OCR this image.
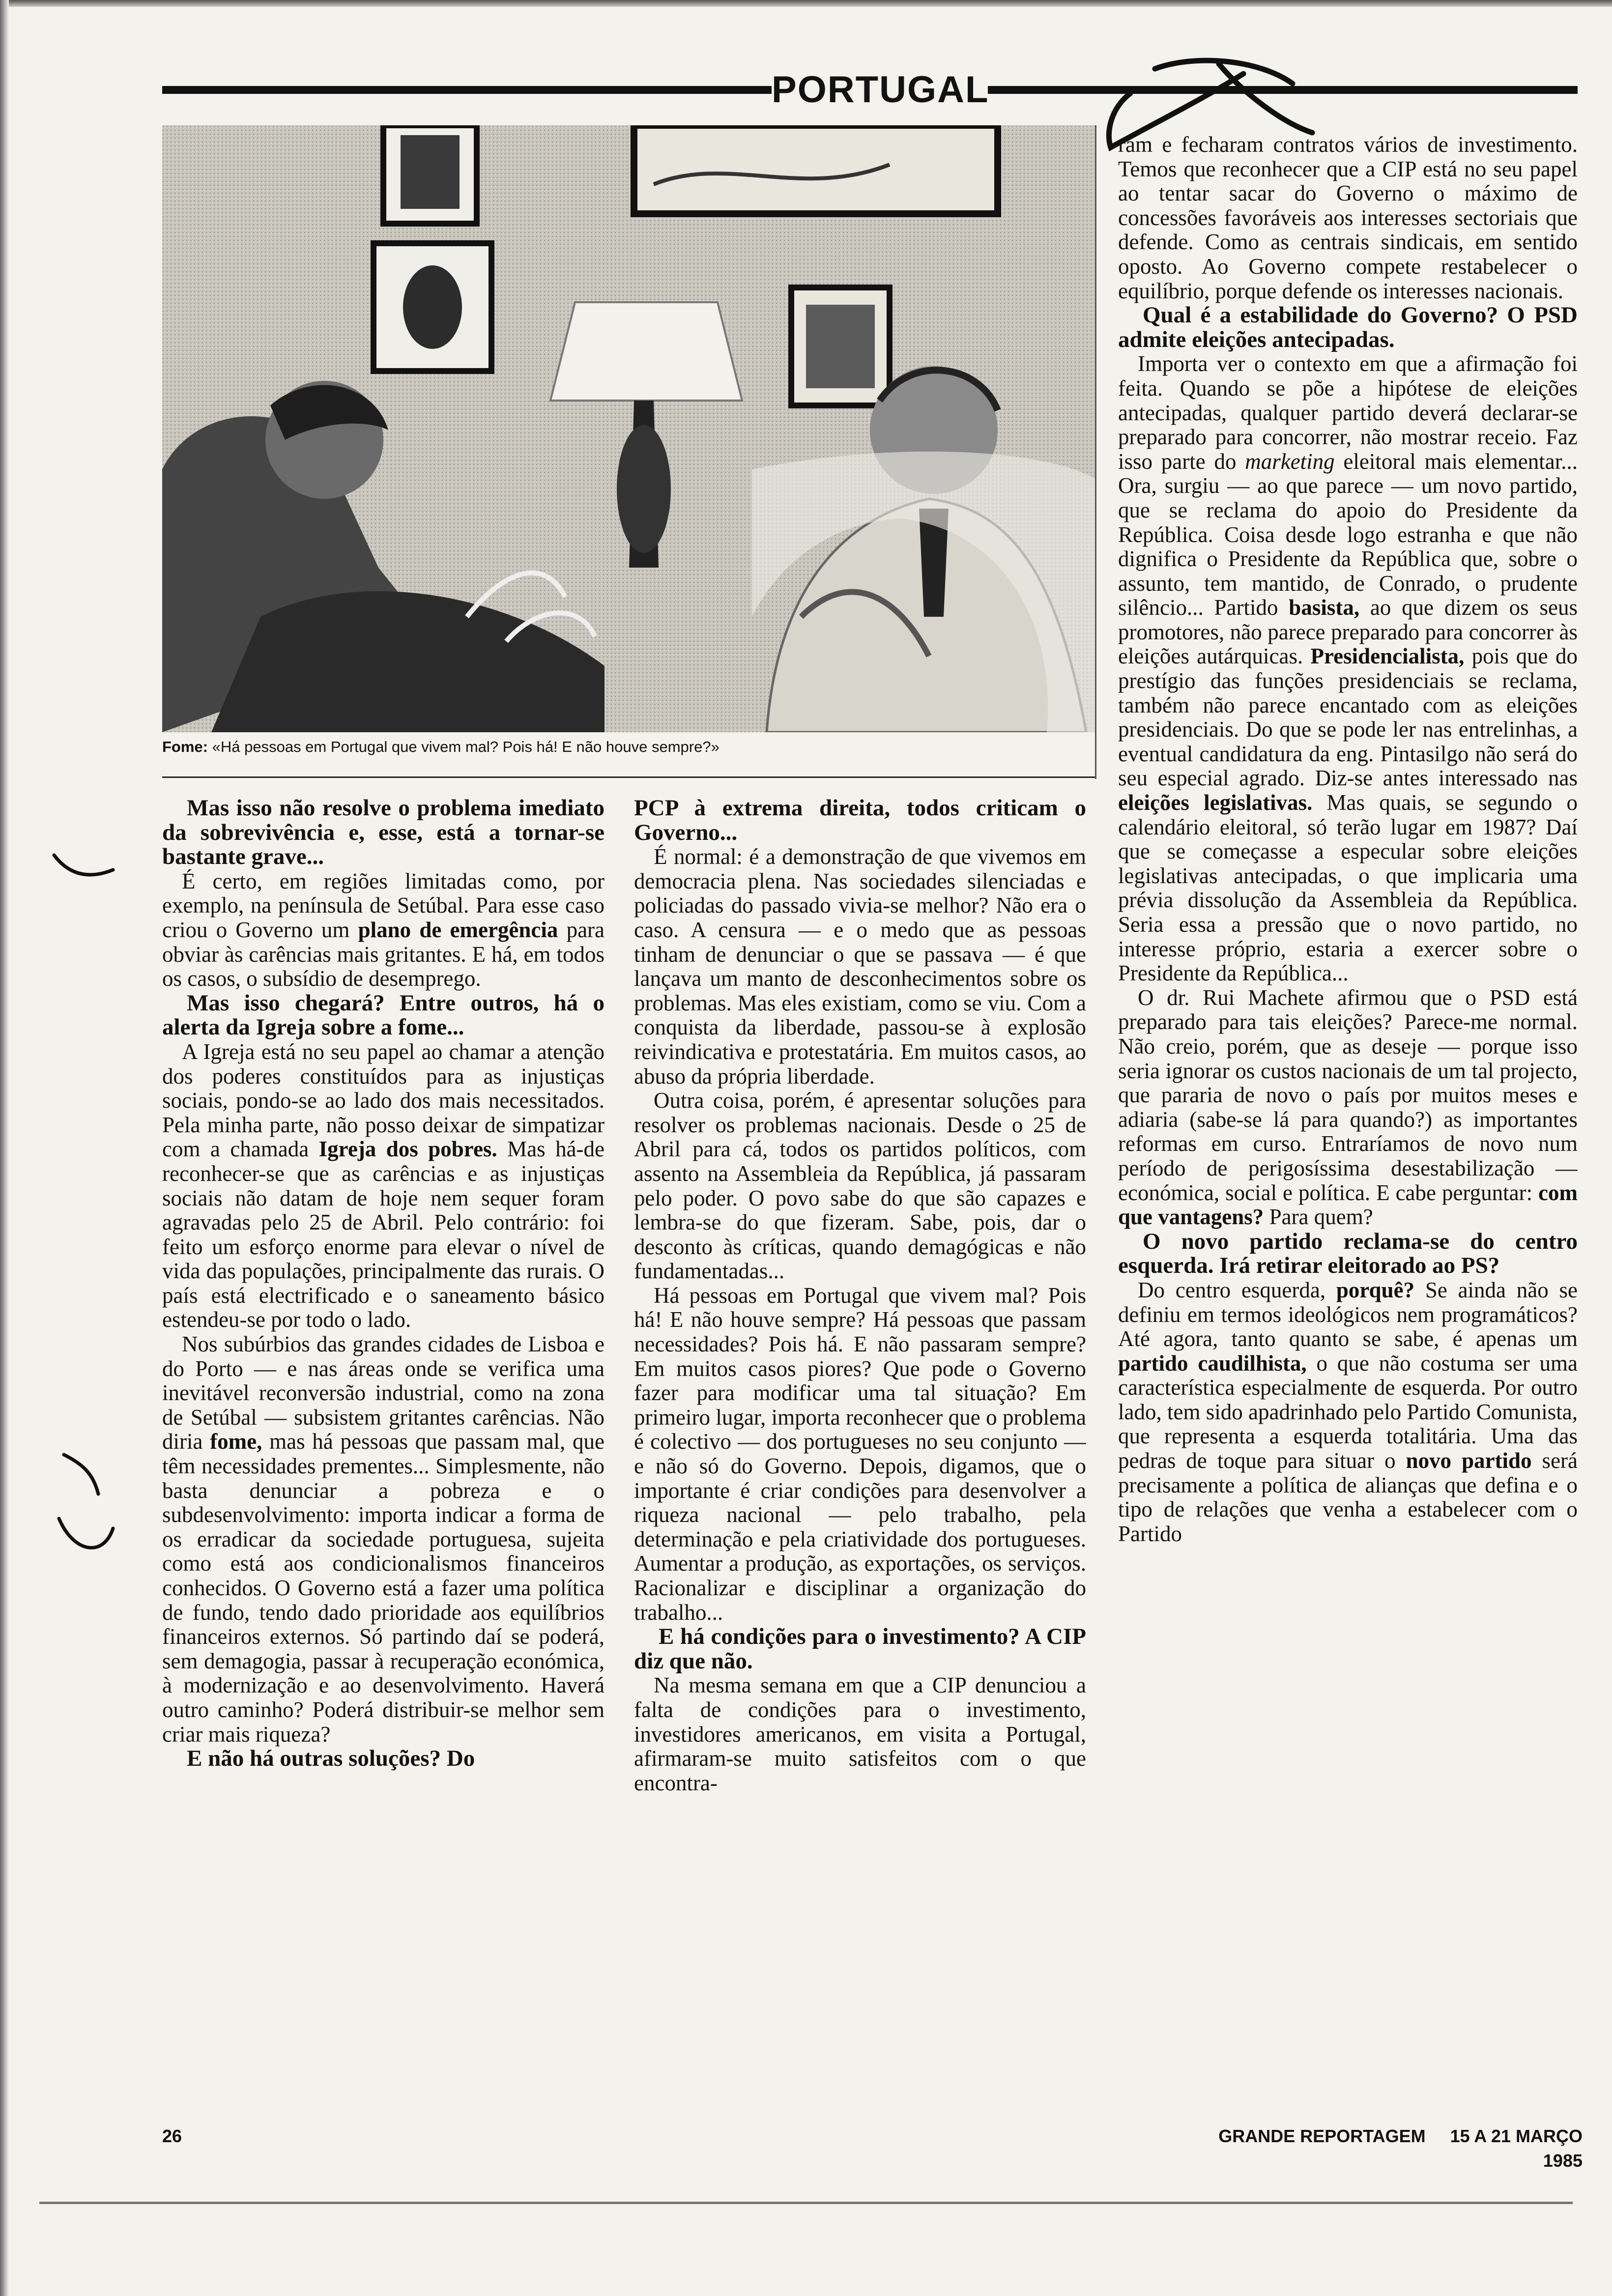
PORTUGAL
Fome: «Há pessoas em Portugal que vivem mal? Pois há! E não houve sempre?»

Mas isso não resolve o problema imediato da sobrevivência e, esse, está a tornar-se bastante grave...

É certo, em regiões limitadas como, por exemplo, na península de Setúbal. Para esse caso criou o Governo um plano de emergência para obviar às carências mais gritantes. E há, em todos os casos, o subsídio de desemprego.

Mas isso chegará? Entre outros, há o alerta da Igreja sobre a fome...

A Igreja está no seu papel ao chamar a atenção dos poderes constituídos para as injustiças sociais, pondo-se ao lado dos mais necessitados. Pela minha parte, não posso deixar de simpatizar com a chamada Igreja dos pobres. Mas há-de reconhecer-se que as carências e as injustiças sociais não datam de hoje nem sequer foram agravadas pelo 25 de Abril. Pelo contrário: foi feito um esforço enorme para elevar o nível de vida das populações, principalmente das rurais. O país está electrificado e o saneamento básico estendeu-se por todo o lado.

Nos subúrbios das grandes cidades de Lisboa e do Porto — e nas áreas onde se verifica uma inevitável reconversão industrial, como na zona de Setúbal — subsistem gritantes carências. Não diria fome, mas há pessoas que passam mal, que têm necessidades prementes... Simplesmente, não basta denunciar a pobreza e o subdesenvolvimento: importa indicar a forma de os erradicar da sociedade portuguesa, sujeita como está aos condicionalismos financeiros conhecidos. O Governo está a fazer uma política de fundo, tendo dado prioridade aos equilíbrios financeiros externos. Só partindo daí se poderá, sem demagogia, passar à recuperação económica, à modernização e ao desenvolvimento. Haverá outro caminho? Poderá distribuir-se melhor sem criar mais riqueza?

E não há outras soluções? Do

PCP à extrema direita, todos criticam o Governo...

É normal: é a demonstração de que vivemos em democracia plena. Nas sociedades silenciadas e policiadas do passado vivia-se melhor? Não era o caso. A censura — e o medo que as pessoas tinham de denunciar o que se passava — é que lançava um manto de desconhecimentos sobre os problemas. Mas eles existiam, como se viu. Com a conquista da liberdade, passou-se à explosão reivindicativa e protestatária. Em muitos casos, ao abuso da própria liberdade.

Outra coisa, porém, é apresentar soluções para resolver os problemas nacionais. Desde o 25 de Abril para cá, todos os partidos políticos, com assento na Assembleia da República, já passaram pelo poder. O povo sabe do que são capazes e lembra-se do que fizeram. Sabe, pois, dar o desconto às críticas, quando demagógicas e não fundamentadas...

Há pessoas em Portugal que vivem mal? Pois há! E não houve sempre? Há pessoas que passam necessidades? Pois há. E não passaram sempre? Em muitos casos piores? Que pode o Governo fazer para modificar uma tal situação? Em primeiro lugar, importa reconhecer que o problema é colectivo — dos portugueses no seu conjunto — e não só do Governo. Depois, digamos, que o importante é criar condições para desenvolver a riqueza nacional — pelo trabalho, pela determinação e pela criatividade dos portugueses. Aumentar a produção, as exportações, os serviços. Racionalizar e disciplinar a organização do trabalho...

E há condições para o investimento? A CIP diz que não.

Na mesma semana em que a CIP denunciou a falta de condições para o investimento, investidores americanos, em visita a Portugal, afirmaram-se muito satisfeitos com o que encontra-

ram e fecharam contratos vários de investimento. Temos que reconhecer que a CIP está no seu papel ao tentar sacar do Governo o máximo de concessões favoráveis aos interesses sectoriais que defende. Como as centrais sindicais, em sentido oposto. Ao Governo compete restabelecer o equilíbrio, porque defende os interesses nacionais.

Qual é a estabilidade do Governo? O PSD admite eleições antecipadas.

Importa ver o contexto em que a afirmação foi feita. Quando se põe a hipótese de eleições antecipadas, qualquer partido deverá declarar-se preparado para concorrer, não mostrar receio. Faz isso parte do marketing eleitoral mais elementar... Ora, surgiu — ao que parece — um novo partido, que se reclama do apoio do Presidente da República. Coisa desde logo estranha e que não dignifica o Presidente da República que, sobre o assunto, tem mantido, de Conrado, o prudente silêncio... Partido basista, ao que dizem os seus promotores, não parece preparado para concorrer às eleições autárquicas. Presidencialista, pois que do prestígio das funções presidenciais se reclama, também não parece encantado com as eleições presidenciais. Do que se pode ler nas entrelinhas, a eventual candidatura da eng. Pintasilgo não será do seu especial agrado. Diz-se antes interessado nas eleições legislativas. Mas quais, se segundo o calendário eleitoral, só terão lugar em 1987? Daí que se começasse a especular sobre eleições legislativas antecipadas, o que implicaria uma prévia dissolução da Assembleia da República. Seria essa a pressão que o novo partido, no interesse próprio, estaria a exercer sobre o Presidente da República...

O dr. Rui Machete afirmou que o PSD está preparado para tais eleições? Parece-me normal. Não creio, porém, que as deseje — porque isso seria ignorar os custos nacionais de um tal projecto, que pararia de novo o país por muitos meses e adiaria (sabe-se lá para quando?) as importantes reformas em curso. Entraríamos de novo num período de perigosíssima desestabilização — económica, social e política. E cabe perguntar: com que vantagens? Para quem?

O novo partido reclama-se do centro esquerda. Irá retirar eleitorado ao PS?

Do centro esquerda, porquê? Se ainda não se definiu em termos ideológicos nem programáticos? Até agora, tanto quanto se sabe, é apenas um partido caudilhista, o que não costuma ser uma característica especialmente de esquerda. Por outro lado, tem sido apadrinhado pelo Partido Comunista, que representa a esquerda totalitária. Uma das pedras de toque para situar o novo partido será precisamente a política de alianças que defina e o tipo de relações que venha a estabelecer com o Partido

26	GRANDE REPORTAGEM 15 A 21 MARÇO 1985
